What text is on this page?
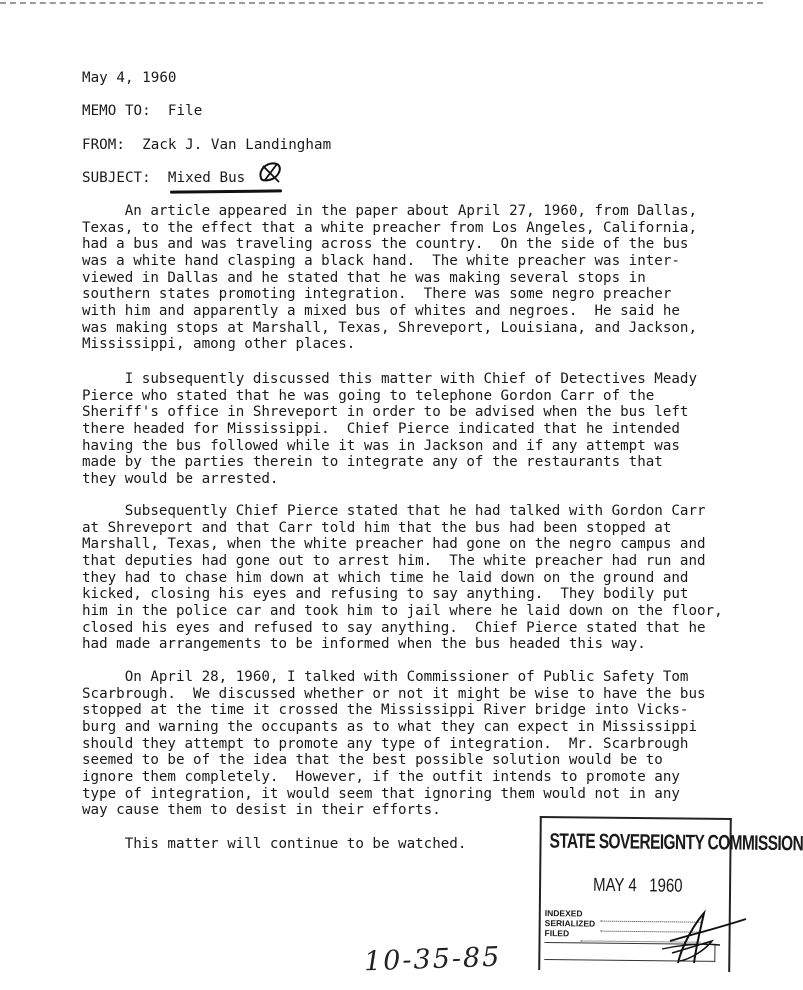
May 4, 1960
MEMO TO:  File
FROM:  Zack J. Van Landingham
SUBJECT: Mixed Bus
An article appeared in the paper about April 27, 1960, from Dallas,
Texas, to the effect that a white preacher from Los Angeles, California,
had a bus and was traveling across the country.  On the side of the bus
was a white hand clasping a black hand.  The white preacher was inter-
viewed in Dallas and he stated that he was making several stops in
southern states promoting integration.  There was some negro preacher
with him and apparently a mixed bus of whites and negroes.  He said he
was making stops at Marshall, Texas, Shreveport, Louisiana, and Jackson,
Mississippi, among other places.
I subsequently discussed this matter with Chief of Detectives Meady
Pierce who stated that he was going to telephone Gordon Carr of the
Sheriff's office in Shreveport in order to be advised when the bus left
there headed for Mississippi.  Chief Pierce indicated that he intended
having the bus followed while it was in Jackson and if any attempt was
made by the parties therein to integrate any of the restaurants that
they would be arrested.
Subsequently Chief Pierce stated that he had talked with Gordon Carr
at Shreveport and that Carr told him that the bus had been stopped at
Marshall, Texas, when the white preacher had gone on the negro campus and
that deputies had gone out to arrest him.  The white preacher had run and
they had to chase him down at which time he laid down on the ground and
kicked, closing his eyes and refusing to say anything.  They bodily put
him in the police car and took him to jail where he laid down on the floor,
closed his eyes and refused to say anything.  Chief Pierce stated that he
had made arrangements to be informed when the bus headed this way.
On April 28, 1960, I talked with Commissioner of Public Safety Tom
Scarbrough.  We discussed whether or not it might be wise to have the bus
stopped at the time it crossed the Mississippi River bridge into Vicks-
burg and warning the occupants as to what they can expect in Mississippi
should they attempt to promote any type of integration.  Mr. Scarbrough
seemed to be of the idea that the best possible solution would be to
ignore them completely.  However, if the outfit intends to promote any
type of integration, it would seem that ignoring them would not in any
way cause them to desist in their efforts.
This matter will continue to be watched.	STATE SOVEREIGNTY COMMISSION
MAY 4   1960
INDEXED
SERIALIZED
FILED
10-35-85
